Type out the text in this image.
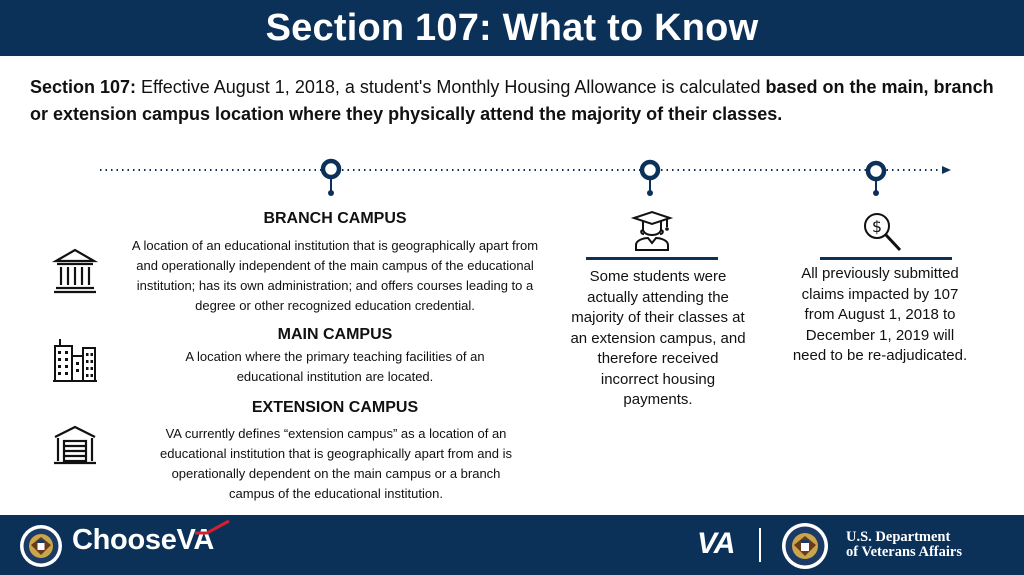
Section 107: What to Know
Section 107: Effective August 1, 2018, a student's Monthly Housing Allowance is calculated based on the main, branch or extension campus location where they physically attend the majority of their classes.
BRANCH CAMPUS
A location of an educational institution that is geographically apart from and operationally independent of the main campus of the educational institution; has its own administration; and offers courses leading to a degree or other recognized education credential.
MAIN CAMPUS
A location where the primary teaching facilities of an educational institution are located.
EXTENSION CAMPUS
VA currently defines “extension campus” as a location of an educational institution that is geographically apart from and is operationally dependent on the main campus or a branch campus of the educational institution.
Some students were actually attending the majority of their classes at an extension campus, and therefore received incorrect housing payments.
$
All previously submitted claims impacted by 107 from August 1, 2018 to December 1, 2019 will need to be re-adjudicated.
ChooseVA	VA	U.S. Department
of Veterans Affairs
